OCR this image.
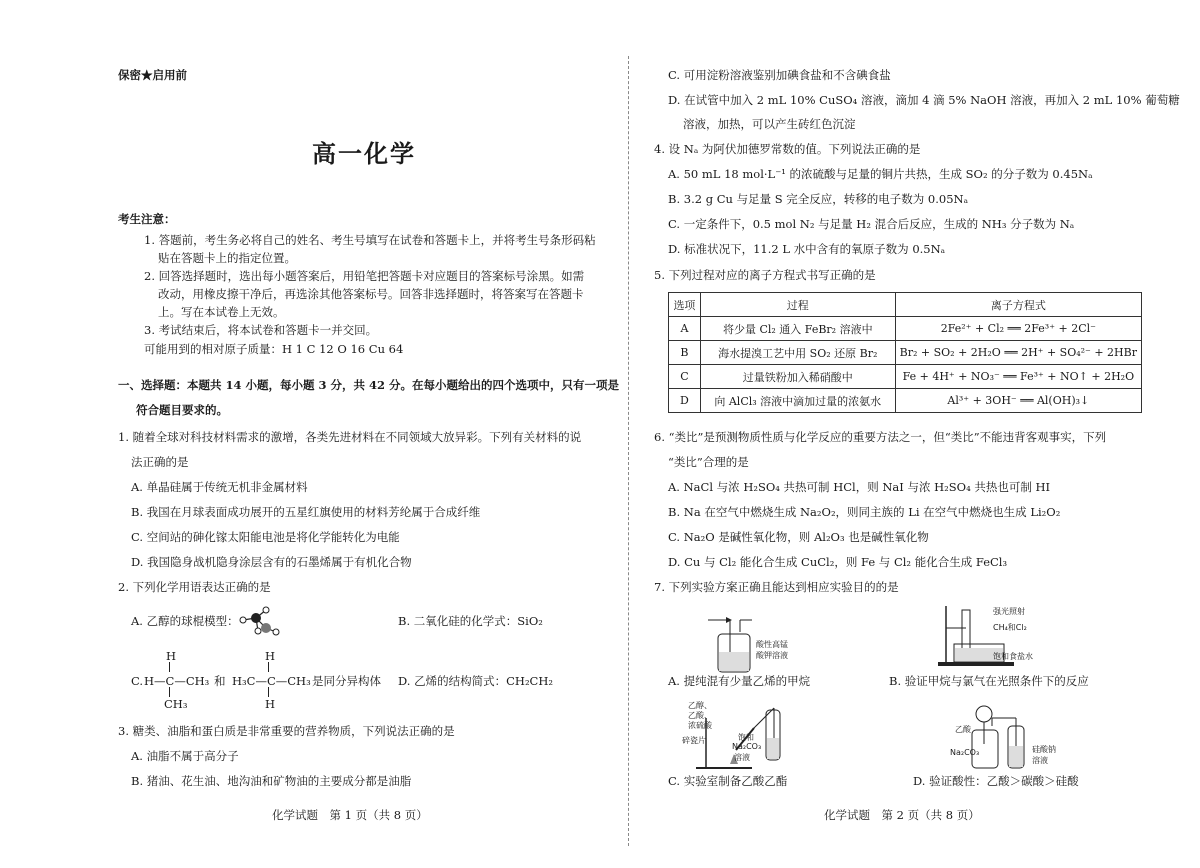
保密★启用前
高一化学
考生注意：
1. 答题前，考生务必将自己的姓名、考生号填写在试卷和答题卡上，并将考生号条形码粘
贴在答题卡上的指定位置。
2. 回答选择题时，选出每小题答案后，用铅笔把答题卡对应题目的答案标号涂黑。如需
改动，用橡皮擦干净后，再选涂其他答案标号。回答非选择题时，将答案写在答题卡
上。写在本试卷上无效。
3. 考试结束后，将本试卷和答题卡一并交回。
可能用到的相对原子质量：H 1 C 12 O 16 Cu 64
一、选择题：本题共 14 小题，每小题 3 分，共 42 分。在每小题给出的四个选项中，只有一项是
符合题目要求的。
1. 随着全球对科技材料需求的激增，各类先进材料在不同领域大放异彩。下列有关材料的说
法正确的是
A. 单晶硅属于传统无机非金属材料
B. 我国在月球表面成功展开的五星红旗使用的材料芳纶属于合成纤维
C. 空间站的砷化镓太阳能电池是将化学能转化为电能
D. 我国隐身战机隐身涂层含有的石墨烯属于有机化合物
2. 下列化学用语表达正确的是
A. 乙醇的球棍模型：	B. 二氧化硅的化学式：SiO₂
C.
H
H—C—CH₃
CH₃
和
H
H₃C—C—CH₃
H
是同分异构体 D. 乙烯的结构简式：CH₂CH₂
3. 糖类、油脂和蛋白质是非常重要的营养物质，下列说法正确的是
A. 油脂不属于高分子
B. 猪油、花生油、地沟油和矿物油的主要成分都是油脂
化学试题　第 1 页（共 8 页）
C. 可用淀粉溶液鉴别加碘食盐和不含碘食盐
D. 在试管中加入 2 mL 10% CuSO₄ 溶液，滴加 4 滴 5% NaOH 溶液，再加入 2 mL 10% 葡萄糖
溶液，加热，可以产生砖红色沉淀
4. 设 Nₐ 为阿伏加德罗常数的值。下列说法正确的是
A. 50 mL 18 mol·L⁻¹ 的浓硫酸与足量的铜片共热，生成 SO₂ 的分子数为 0.45Nₐ
B. 3.2 g Cu 与足量 S 完全反应，转移的电子数为 0.05Nₐ
C. 一定条件下，0.5 mol N₂ 与足量 H₂ 混合后反应，生成的 NH₃ 分子数为 Nₐ
D. 标准状况下，11.2 L 水中含有的氧原子数为 0.5Nₐ
5. 下列过程对应的离子方程式书写正确的是
选项	过程	离子方程式
A	将少量 Cl₂ 通入 FeBr₂ 溶液中	2Fe²⁺ + Cl₂ ══ 2Fe³⁺ + 2Cl⁻
B	海水提溴工艺中用 SO₂ 还原 Br₂	Br₂ + SO₂ + 2H₂O ══ 2H⁺ + SO₄²⁻ + 2HBr
C	过量铁粉加入稀硝酸中	Fe + 4H⁺ + NO₃⁻ ══ Fe³⁺ + NO↑ + 2H₂O
D	向 AlCl₃ 溶液中滴加过量的浓氨水	Al³⁺ + 3OH⁻ ══ Al(OH)₃↓
6. “类比”是预测物质性质与化学反应的重要方法之一，但“类比”不能违背客观事实，下列
“类比”合理的是
A. NaCl 与浓 H₂SO₄ 共热可制 HCl，则 NaI 与浓 H₂SO₄ 共热也可制 HI
B. Na 在空气中燃烧生成 Na₂O₂，则同主族的 Li 在空气中燃烧也生成 Li₂O₂
C. Na₂O 是碱性氧化物，则 Al₂O₃ 也是碱性氧化物
D. Cu 与 Cl₂ 能化合生成 CuCl₂，则 Fe 与 Cl₂ 能化合生成 FeCl₃
7. 下列实验方案正确且能达到相应实验目的的是
酸性高锰
酸钾溶液
A. 提纯混有少量乙烯的甲烷
强光照射
CH₄和Cl₂
饱和食盐水
B. 验证甲烷与氯气在光照条件下的反应
乙醇、
乙酸、
浓硫酸
碎瓷片	饱和
Na₂CO₃
溶液
C. 实验室制备乙酸乙酯
乙酸
Na₂CO₃	硅酸钠
溶液
D. 验证酸性：乙酸＞碳酸＞硅酸
化学试题　第 2 页（共 8 页）
